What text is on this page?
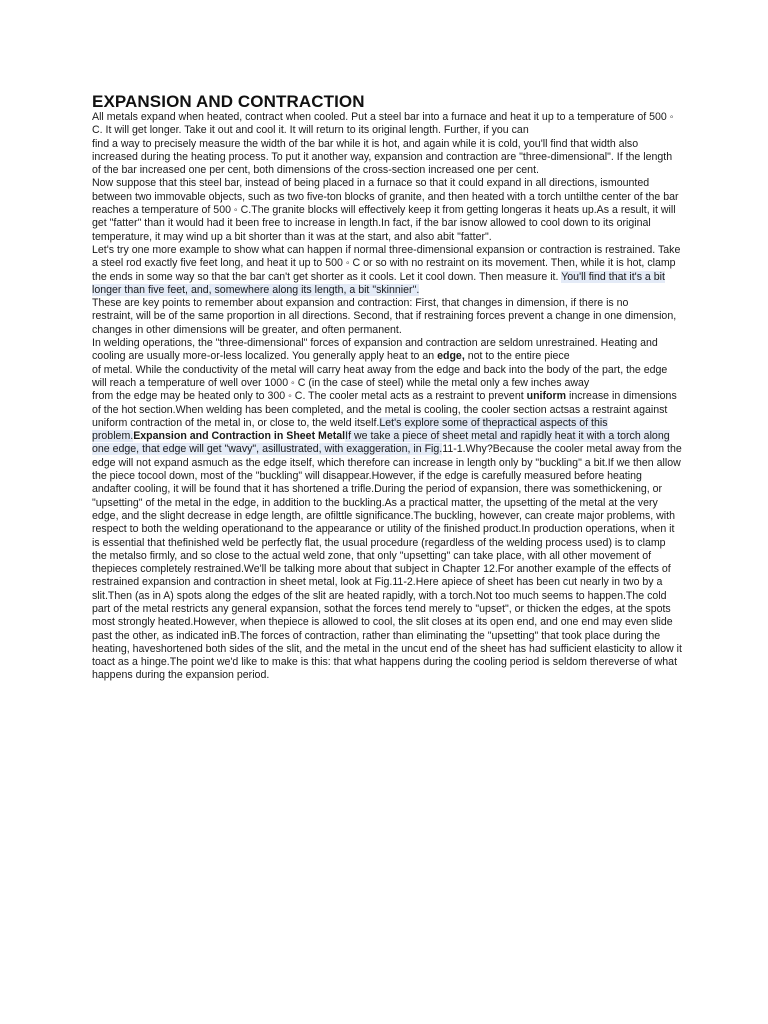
EXPANSION AND CONTRACTION

All metals expand when heated, contract when cooled. Put a steel bar into a furnace and heat it up to a temperature of 500 ◦ C. It will get longer. Take it out and cool it. It will return to its original length. Further, if you can

find a way to precisely measure the width of the bar while it is hot, and again while it is cold, you'll find that width also increased during the heating process. To put it another way, expansion and contraction are "three-dimensional". If the length of the bar increased one per cent, both dimensions of the cross-section increased one per cent.

Now suppose that this steel bar, instead of being placed in a furnace so that it could expand in all directions, ismounted between two immovable objects, such as two five-ton blocks of granite, and then heated with a torch untilthe center of the bar reaches a temperature of 500 ◦ C.The granite blocks will effectively keep it from getting longeras it heats up.As a result, it will get "fatter" than it would had it been free to increase in length.In fact, if the bar isnow allowed to cool down to its original temperature, it may wind up a bit shorter than it was at the start, and also abit "fatter".

Let's try one more example to show what can happen if normal three-dimensional expansion or contraction is restrained. Take a steel rod exactly five feet long, and heat it up to 500 ◦ C or so with no restraint on its movement. Then, while it is hot, clamp the ends in some way so that the bar can't get shorter as it cools. Let it cool down. Then measure it. You'll find that it's a bit longer than five feet, and, somewhere along its length, a bit "skinnier".

These are key points to remember about expansion and contraction: First, that changes in dimension, if there is no

restraint, will be of the same proportion in all directions. Second, that if restraining forces prevent a change in one dimension, changes in other dimensions will be greater, and often permanent.

In welding operations, the "three-dimensional" forces of expansion and contraction are seldom unrestrained. Heating and cooling are usually more-or-less localized. You generally apply heat to an edge, not to the entire piece

of metal. While the conductivity of the metal will carry heat away from the edge and back into the body of the part, the edge will reach a temperature of well over 1000 ◦ C (in the case of steel) while the metal only a few inches away

from the edge may be heated only to 300 ◦ C. The cooler metal acts as a restraint to prevent uniform increase in dimensions of the hot section.When welding has been completed, and the metal is cooling, the cooler section actsas a restraint against uniform contraction of the metal in, or close to, the weld itself.Let's explore some of thepractical aspects of this problem.Expansion and Contraction in Sheet MetalIf we take a piece of sheet metal and rapidly heat it with a torch along one edge, that edge will get "wavy", asillustrated, with exaggeration, in Fig.11-1.Why?Because the cooler metal away from the edge will not expand asmuch as the edge itself, which therefore can increase in length only by "buckling" a bit.If we then allow the piece tocool down, most of the "buckling" will disappear.However, if the edge is carefully measured before heating andafter cooling, it will be found that it has shortened a trifle.During the period of expansion, there was somethickening, or "upsetting" of the metal in the edge, in addition to the buckling.As a practical matter, the upsetting of the metal at the very edge, and the slight decrease in edge length, are ofilttle significance.The buckling, however, can create major problems, with respect to both the welding operationand to the appearance or utility of the finished product.In production operations, when it is essential that thefinished weld be perfectly flat, the usual procedure (regardless of the welding process used) is to clamp the metalso firmly, and so close to the actual weld zone, that only "upsetting" can take place, with all other movement of thepieces completely restrained.We'll be talking more about that subject in Chapter 12.For another example of the effects of restrained expansion and contraction in sheet metal, look at Fig.11-2.Here apiece of sheet has been cut nearly in two by a slit.Then (as in A) spots along the edges of the slit are heated rapidly, with a torch.Not too much seems to happen.The cold part of the metal restricts any general expansion, sothat the forces tend merely to "upset", or thicken the edges, at the spots most strongly heated.However, when thepiece is allowed to cool, the slit closes at its open end, and one end may even slide past the other, as indicated inB.The forces of contraction, rather than eliminating the "upsetting" that took place during the heating, haveshortened both sides of the slit, and the metal in the uncut end of the sheet has had sufficient elasticity to allow it toact as a hinge.The point we'd like to make is this: that what happens during the cooling period is seldom thereverse of what happens during the expansion period.
